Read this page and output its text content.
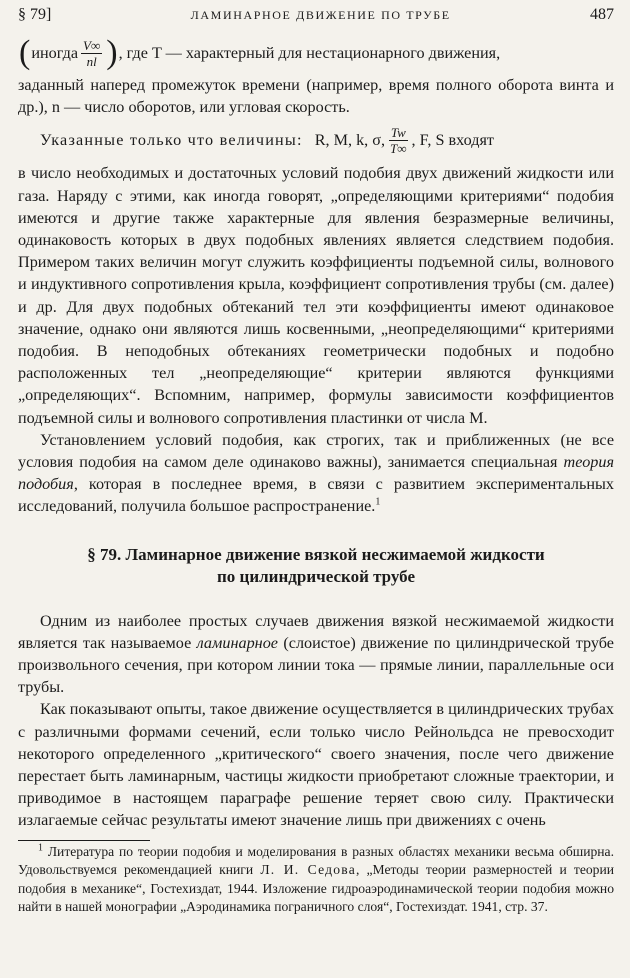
§ 79]	ЛАМИНАРНОЕ ДВИЖЕНИЕ ПО ТРУБЕ	487
( иногда $\frac{V\infty}{nl}$ ) , где T — характерный для нестационарного движения,

заданный наперед промежуток времени (например, время полного оборота винта и др.), n — число оборотов, или угловая скорость.

Указанные только что величины: R, M, k, σ, $\frac{Tw}{T\infty}$ , F, S входят

в число необходимых и достаточных условий подобия двух движений жидкости или газа. Наряду с этими, как иногда говорят, „определяющими критериями“ подобия имеются и другие также характерные для явления безразмерные величины, одинаковость которых в двух подобных явлениях является следствием подобия. Примером таких величин могут служить коэффициенты подъемной силы, волнового и индуктивного сопротивления крыла, коэффициент сопротивления трубы (см. далее) и др. Для двух подобных обтеканий тел эти коэффициенты имеют одинаковое значение, однако они являются лишь косвенными, „неопределяющими“ критериями подобия. В неподобных обтеканиях геометрически подобных и подобно расположенных тел „неопределяющие“ критерии являются функциями „определяющих“. Вспомним, например, формулы зависимости коэффициентов подъемной силы и волнового сопротивления пластинки от числа M.

Установлением условий подобия, как строгих, так и приближенных (не все условия подобия на самом деле одинаково важны), занимается специальная теория подобия, которая в последнее время, в связи с развитием экспериментальных исследований, получила большое распространение.$^1$

§ 79. Ламинарное движение вязкой несжимаемой жидкости
по цилиндрической трубе

Одним из наиболее простых случаев движения вязкой несжимаемой жидкости является так называемое ламинарное (слоистое) движение по цилиндрической трубе произвольного сечения, при котором линии тока — прямые линии, параллельные оси трубы.

Как показывают опыты, такое движение осуществляется в цилиндрических трубах с различными формами сечений, если только число Рейнольдса не превосходит некоторого определенного „критического“ своего значения, после чего движение перестает быть ламинарным, частицы жидкости приобретают сложные траектории, и приводимое в настоящем параграфе решение теряет свою силу. Практически излагаемые сейчас результаты имеют значение лишь при движениях с очень

$^1$ Литература по теории подобия и моделирования в разных областях механики весьма обширна. Удовольствуемся рекомендацией книги Л. И. Седова, „Методы теории размерностей и теории подобия в механике“, Гостехиздат, 1944. Изложение гидроаэродинамической теории подобия можно найти в нашей монографии „Аэродинамика пограничного слоя“, Гостехиздат. 1941, стр. 37.
